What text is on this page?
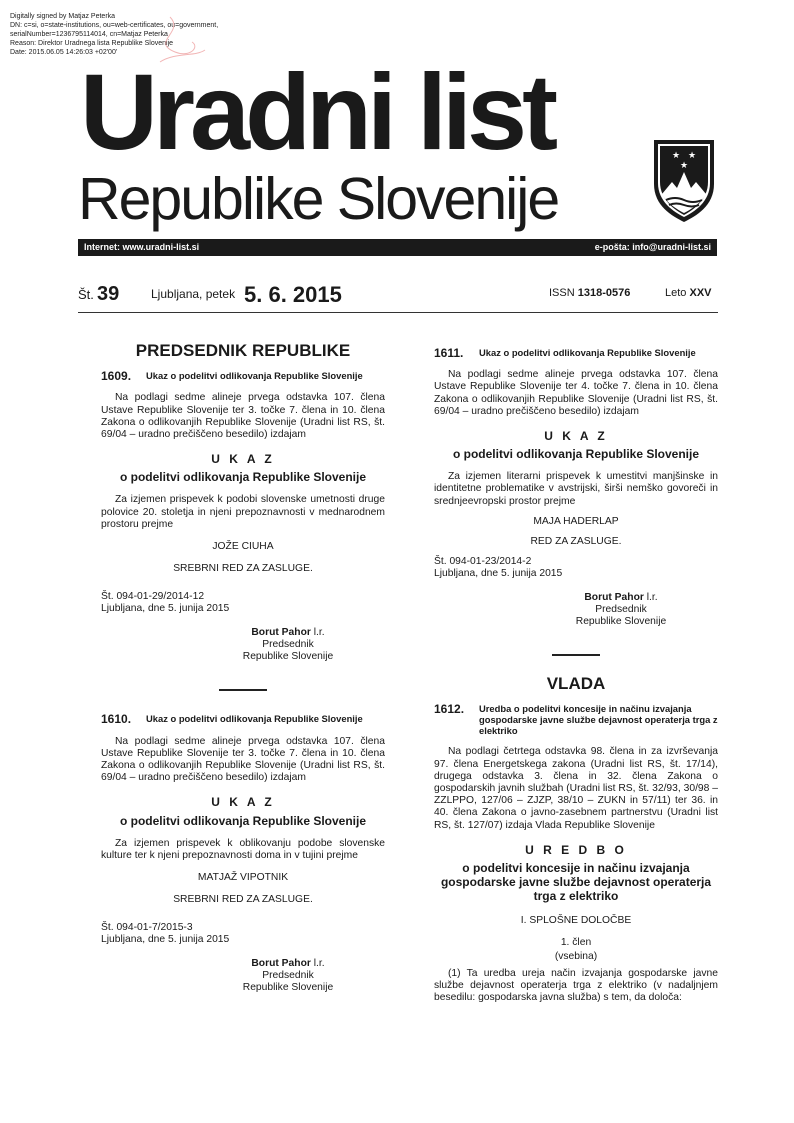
Digitally signed by Matjaz Peterka
DN: c=si, o=state-institutions, ou=web-certificates, ou=government,
serialNumber=1236795114014, cn=Matjaz Peterka
Reason: Direktor Uradnega lista Republike Slovenije
Date: 2015.06.05 14:26:03 +02'00'
Uradni list
Republike Slovenije
★ ★
★
Internet: www.uradni-list.si	e-pošta: info@uradni-list.si
Št. 39	Ljubljana, petek 5. 6. 2015	ISSN 1318-0576	Leto XXV
PREDSEDNIK REPUBLIKE
1609.	Ukaz o podelitvi odlikovanja Republike Slovenije

Na podlagi sedme alineje prvega odstavka 107. člena Ustave Republike Slovenije ter 3. točke 7. člena in 10. člena Zakona o odlikovanjih Republike Slovenije (Uradni list RS, št. 69/04 – uradno prečiščeno besedilo) izdajam

U K A Z
o podelitvi odlikovanja Republike Slovenije

Za izjemen prispevek k podobi slovenske umetnosti druge polovice 20. stoletja in njeni prepoznavnosti v mednarodnem prostoru prejme

JOŽE CIUHA
SREBRNI RED ZA ZASLUGE.
Št. 094-01-29/2014-12
Ljubljana, dne 5. junija 2015
Borut Pahor l.r.
Predsednik
Republike Slovenije
1610.	Ukaz o podelitvi odlikovanja Republike Slovenije

Na podlagi sedme alineje prvega odstavka 107. člena Ustave Republike Slovenije ter 3. točke 7. člena in 10. člena Zakona o odlikovanjih Republike Slovenije (Uradni list RS, št. 69/04 – uradno prečiščeno besedilo) izdajam

U K A Z
o podelitvi odlikovanja Republike Slovenije

Za izjemen prispevek k oblikovanju podobe slovenske kulture ter k njeni prepoznavnosti doma in v tujini prejme

MATJAŽ VIPOTNIK
SREBRNI RED ZA ZASLUGE.
Št. 094-01-7/2015-3
Ljubljana, dne 5. junija 2015
Borut Pahor l.r.
Predsednik
Republike Slovenije
1611.	Ukaz o podelitvi odlikovanja Republike Slovenije

Na podlagi sedme alineje prvega odstavka 107. člena Ustave Republike Slovenije ter 4. točke 7. člena in 10. člena Zakona o odlikovanjih Republike Slovenije (Uradni list RS, št. 69/04 – uradno prečiščeno besedilo) izdajam

U K A Z
o podelitvi odlikovanja Republike Slovenije

Za izjemen literarni prispevek k umestitvi manjšinske in identitetne problematike v avstrijski, širši nemško govoreči in srednjeevropski prostor prejme

MAJA HADERLAP
RED ZA ZASLUGE.
Št. 094-01-23/2014-2
Ljubljana, dne 5. junija 2015
Borut Pahor l.r.
Predsednik
Republike Slovenije
VLADA
1612.	Uredba o podelitvi koncesije in načinu izvajanja gospodarske javne službe dejavnost operaterja trga z elektriko

Na podlagi četrtega odstavka 98. člena in za izvrševanja 97. člena Energetskega zakona (Uradni list RS, št. 17/14), drugega odstavka 3. člena in 32. člena Zakona o gospodarskih javnih službah (Uradni list RS, št. 32/93, 30/98 – ZZLPPO, 127/06 – ZJZP, 38/10 – ZUKN in 57/11) ter 36. in 40. člena Zakona o javno-zasebnem partnerstvu (Uradni list RS, št. 127/07) izdaja Vlada Republike Slovenije

U R E D B O
o podelitvi koncesije in načinu izvajanja gospodarske javne službe dejavnost operaterja trga z elektriko
I. SPLOŠNE DOLOČBE
1. člen
(vsebina)

(1) Ta uredba ureja način izvajanja gospodarske javne službe dejavnost operaterja trga z elektriko (v nadaljnjem besedilu: gospodarska javna služba) s tem, da določa:
